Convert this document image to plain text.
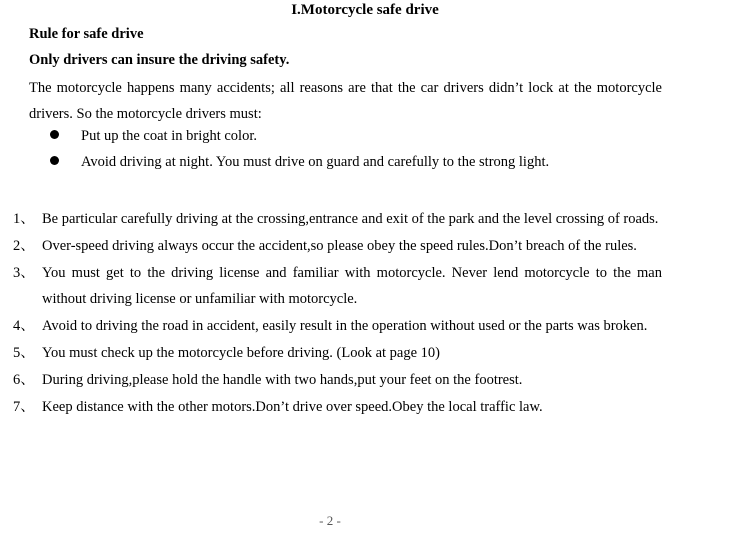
I.Motorcycle safe drive
Rule for safe drive
Only drivers can insure the driving safety.

The motorcycle happens many accidents; all reasons are that the car drivers didn’t lock at the motorcycle drivers. So the motorcycle drivers must:

Put up the coat in bright color.
Avoid driving at night. You must drive on guard and carefully to the strong light.
1、 Be particular carefully driving at the crossing,entrance and exit of the park and the level crossing of roads.
2、 Over-speed driving always occur the accident,so please obey the speed rules.Don’t breach of the rules.
3、 You must get to the driving license and familiar with motorcycle. Never lend motorcycle to the man without driving license or unfamiliar with motorcycle.
4、 Avoid to driving the road in accident, easily result in the operation without used or the parts was broken.
5、 You must check up the motorcycle before driving. (Look at page 10)
6、 During driving,please hold the handle with two hands,put your feet on the footrest.
7、 Keep distance with the other motors.Don’t drive over speed.Obey the local traffic law.
- 2 -
